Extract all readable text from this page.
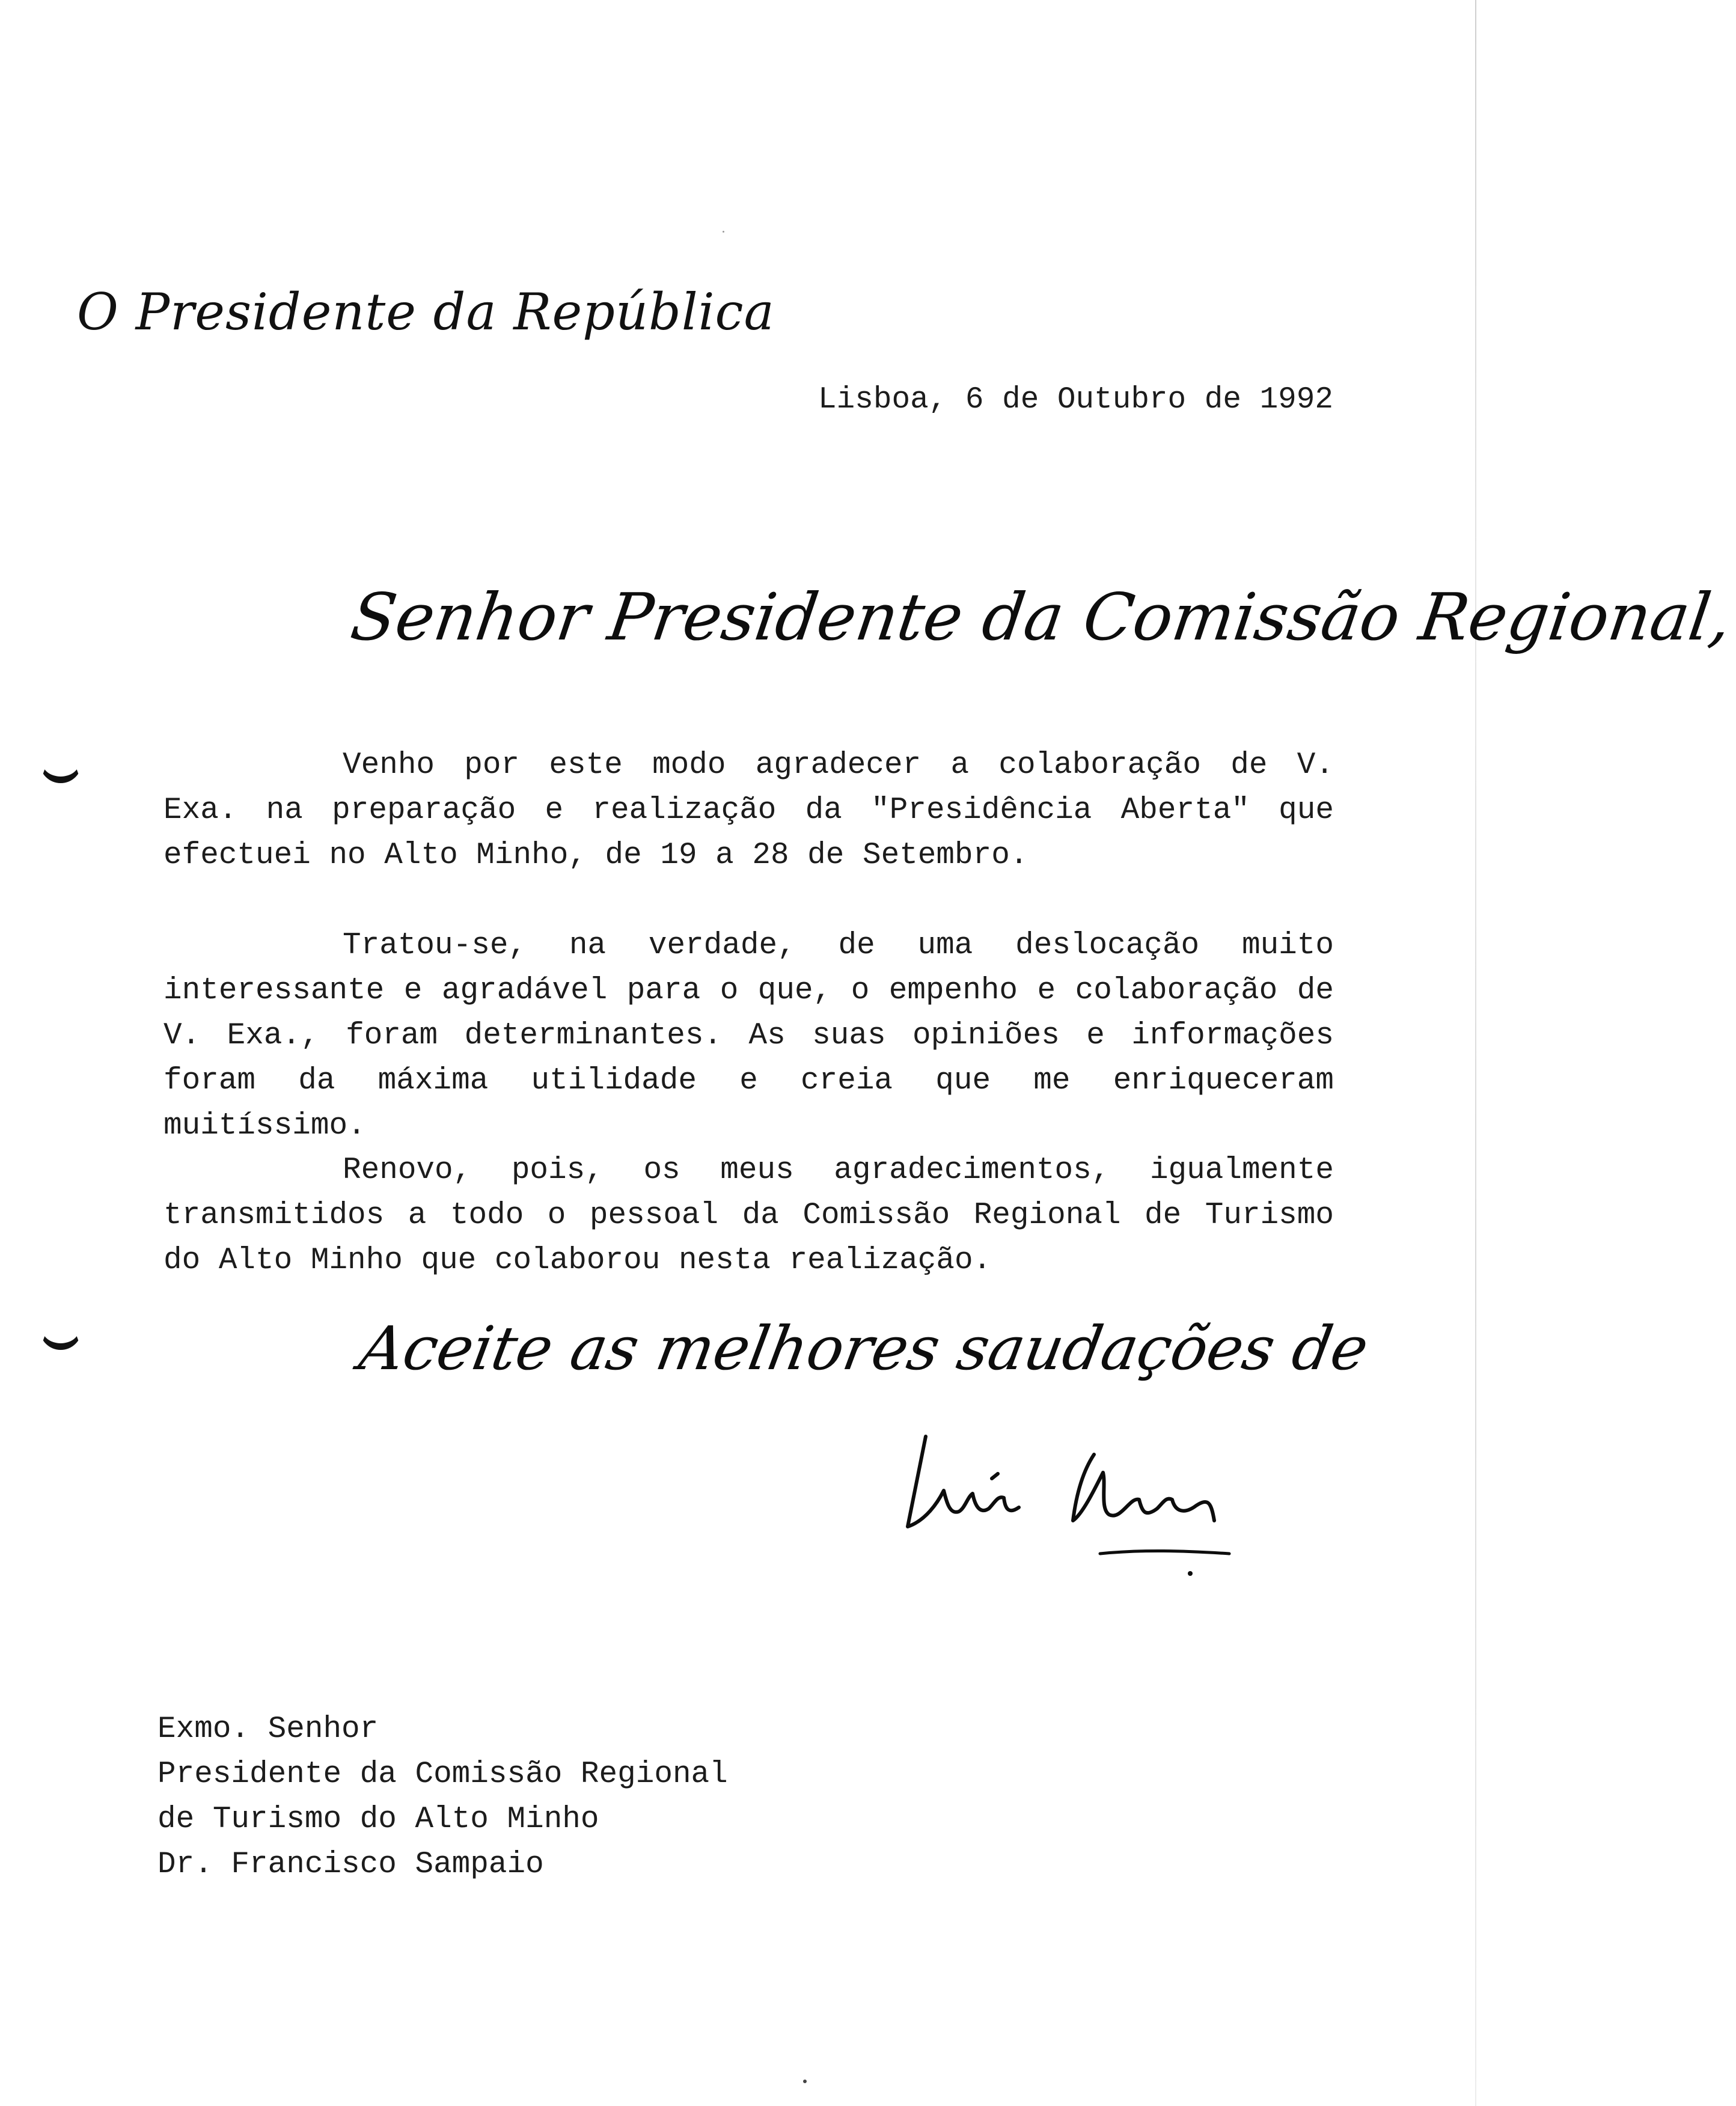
O Presidente da República
Lisboa, 6 de Outubro de 1992
Senhor Presidente da Comissão Regional,

Venho por este modo agradecer a colaboração de V. Exa. na preparação e realização da "Presidência Aberta" que efectuei no Alto Minho, de 19 a 28 de Setembro.

Tratou-se, na verdade, de uma deslocação muito interessante e agradável para o que, o empenho e colaboração de V. Exa., foram determinantes. As suas opiniões e informações foram da máxima utilidade e creia que me enriqueceram muitíssimo.

Renovo, pois, os meus agradecimentos, igualmente transmitidos a todo o pessoal da Comissão Regional de Turismo do Alto Minho que colaborou nesta realização.

Aceite as melhores saudações de
Exmo. Senhor
Presidente da Comissão Regional
de Turismo do Alto Minho
Dr. Francisco Sampaio
